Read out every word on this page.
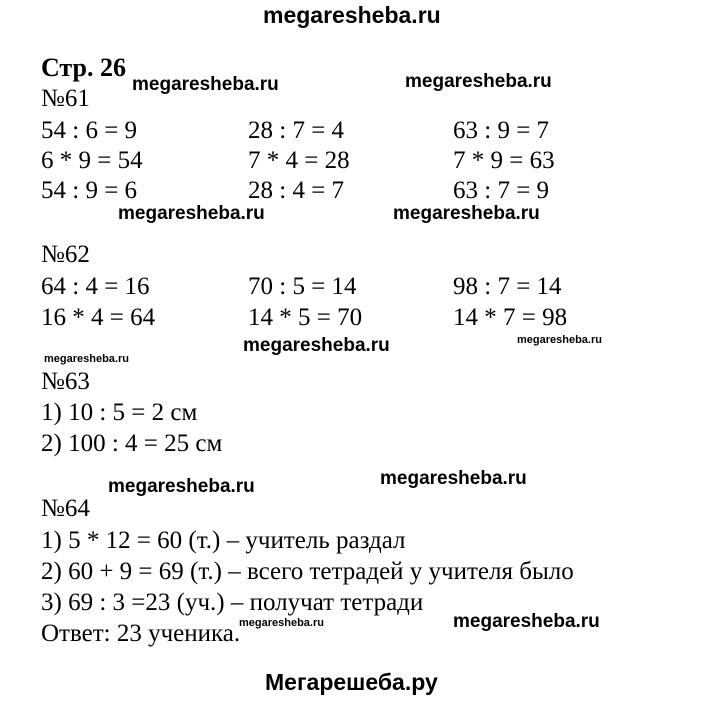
megaresheba.ru
Стр. 26
megaresheba.ru	megaresheba.ru
№61
54 : 6 = 9	28 : 7 = 4	63 : 9 = 7
6 * 9 = 54	7 * 4 = 28	7 * 9 = 63
54 : 9 = 6	28 : 4 = 7	63 : 7 = 9
megaresheba.ru	megaresheba.ru
№62
64 : 4 = 16	70 : 5 = 14	98 : 7 = 14
16 * 4 = 64	14 * 5 = 70	14 * 7 = 98
megaresheba.ru
megaresheba.ru	megaresheba.ru
№63
1) 10 : 5 = 2 см
2) 100 : 4 = 25 см
megaresheba.ru
megaresheba.ru
№64
1) 5 * 12 = 60 (т.) – учитель раздал
2) 60 + 9 = 69 (т.) – всего тетрадей у учителя было
3) 69 : 3 =23 (уч.) – получат тетради
Ответ: 23 ученика.
megaresheba.ru	megaresheba.ru
Мегарешеба.ру
